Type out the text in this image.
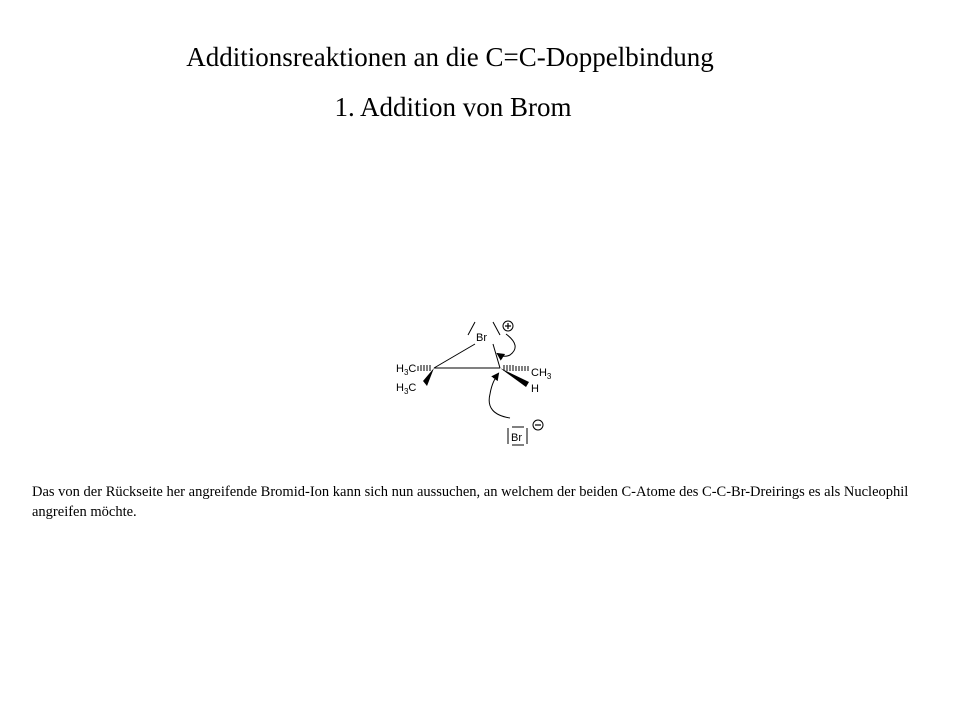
Additionsreaktionen an die C=C-Doppelbindung
1. Addition von Brom
Br
$H_3C$
$H_3C$
$CH_3$
H
Br
Das von der Rückseite her angreifende Bromid-Ion kann sich nun aussuchen, an welchem der beiden C-Atome des C-C-Br-Dreirings es als Nucleophil angreifen möchte.
